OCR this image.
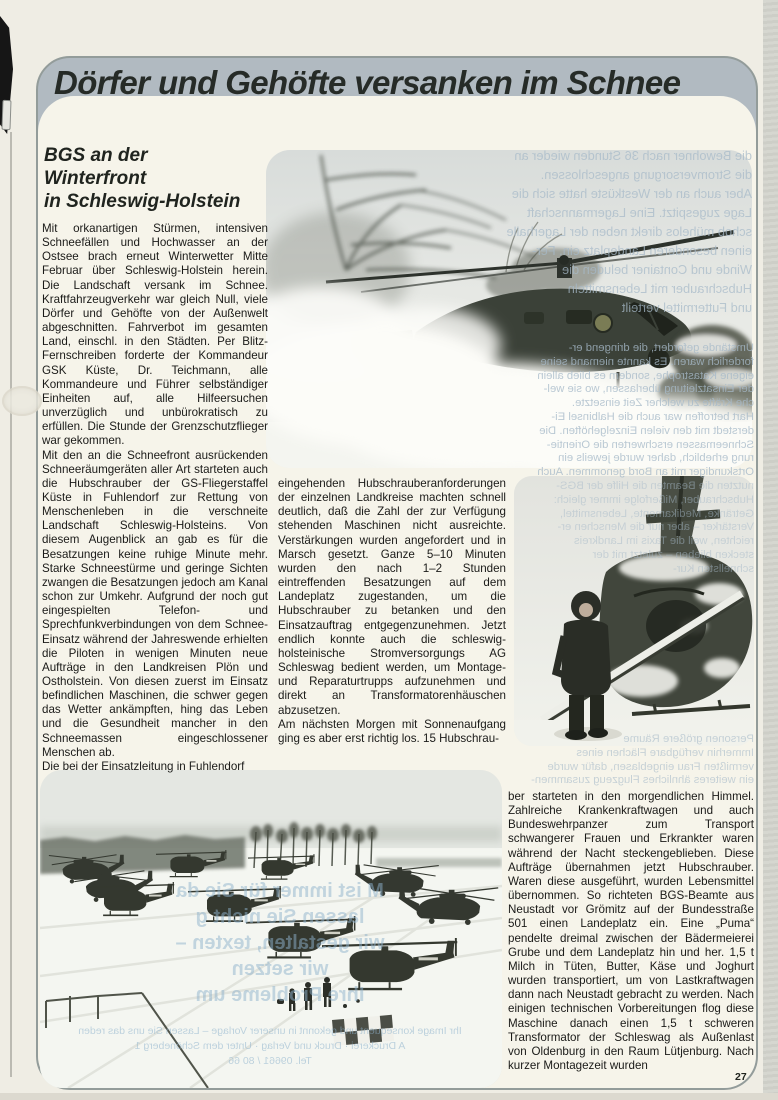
Dörfer und Gehöfte versanken im Schnee
BGS an der
Winterfront
in Schleswig-Holstein

Mit orkanartigen Stürmen, intensiven Schneefällen und Hochwasser an der Ostsee brach erneut Winterwetter Mitte Februar über Schleswig-Holstein herein. Die Landschaft versank im Schnee. Kraftfahrzeugverkehr war gleich Null, viele Dörfer und Gehöfte von der Außenwelt abgeschnitten. Fahrverbot im gesamten Land, einschl. in den Städten. Per Blitz-Fernschreiben forderte der Kommandeur GSK Küste, Dr. Teichmann, alle Kommandeure und Führer selbständiger Einheiten auf, alle Hilfeersuchen unverzüglich und unbürokratisch zu erfüllen. Die Stunde der Grenzschutzflieger war gekommen.

Mit den an die Schneefront ausrückenden Schneeräumgeräten aller Art starteten auch die Hubschrauber der GS-Fliegerstaffel Küste in Fuhlendorf zur Rettung von Menschenleben in die verschneite Landschaft Schleswig-Holsteins. Von diesem Augenblick an gab es für die Besatzungen keine ruhige Minute mehr. Starke Schneestürme und geringe Sichten zwangen die Besatzungen jedoch am Kanal schon zur Umkehr. Aufgrund der noch gut eingespielten Telefon- und Sprechfunkverbindungen von dem Schnee-Einsatz während der Jahreswende erhielten die Piloten in wenigen Minuten neue Aufträge in den Landkreisen Plön und Ostholstein. Von diesen zuerst im Einsatz befindlichen Maschinen, die schwer gegen das Wetter ankämpften, hing das Leben und die Gesundheit mancher in den Schneemassen eingeschlossener Menschen ab.

Die bei der Einsatzleitung in Fuhlendorf

eingehenden Hubschrauberanforderungen der einzelnen Landkreise machten schnell deutlich, daß die Zahl der zur Verfügung stehenden Maschinen nicht ausreichte. Verstärkungen wurden angefordert und in Marsch gesetzt. Ganze 5–10 Minuten wurden den nach 1–2 Stunden eintreffenden Besatzungen auf dem Landeplatz zugestanden, um die Hubschrauber zu betanken und den Einsatzauftrag entgegenzunehmen. Jetzt endlich konnte auch die schleswig-holsteinische Stromversorgungs AG Schleswag bedient werden, um Montage- und Reparaturtrupps aufzunehmen und direkt an Transformatorenhäuschen abzusetzen.

Am nächsten Morgen mit Sonnenaufgang ging es aber erst richtig los. 15 Hubschrau-

ber starteten in den morgendlichen Himmel. Zahlreiche Krankenkraftwagen und auch Bundeswehrpanzer zum Transport schwangerer Frauen und Erkrankter waren während der Nacht steckengeblieben. Diese Aufträge übernahmen jetzt Hubschrauber. Waren diese ausgeführt, wurden Lebensmittel übernommen. So richteten BGS-Beamte aus Neustadt vor Grömitz auf der Bundesstraße 501 einen Landeplatz ein. Eine „Puma“ pendelte dreimal zwischen der Bädermeierei Grube und dem Landeplatz hin und her. 1,5 t Milch in Tüten, Butter, Käse und Joghurt wurden transportiert, um von Lastkraftwagen dann nach Neustadt gebracht zu werden. Nach einigen technischen Vorbereitungen flog diese Maschine danach einen 1,5 t schweren Transformator der Schleswag als Außenlast von Oldenburg in den Raum Lütjenburg. Nach kurzer Montagezeit wurden

27
die Bewohner nach 36 Stunden wieder an
die Stromversorgung angeschlossen.
Aber auch an der Westküste hatte sich die
Lage zugespitzt. Eine Lagermannschaft
schob mühelos direkt neben der Lagerhalle
einen besonderen Landeplatz ein. Fer-
Winde und Container beluden die
Hubschrauber mit Lebensmitteln
und Futtermittel verteilt
Umstände gefordert, die dringend er-
forderlich waren. Es kannte niemand seine
eigene Katastrophe, sondern es blieb allein
der Einsatzleitung überlassen, wo sie wel-
che Kräfte zu welcher Zeit einsetzte.
Hart betroffen war auch die Halbinsel Ei-
derstedt mit den vielen Einzelgehöften. Die
Schneemassen erschwerten die Orientie-
rung erheblich, daher wurde jeweils ein
Ortskundiger mit an Bord genommen. Auch
nutzten die Beamten die Hilfe der BGS-
Hubschrauber, Mißerfolge immer gleich:
Getränke, Medikamente, Lebensmittel,
Verstärker – aber nur die Menschen er-
reichten, weil die Taxis im Landkreis
stecken blieben – zuletzt mit der
schnellsten Kur-
Personen größere Räume
Immerhin verfügbare Flächen eines
vermißten Frau eingeblasen, dafür wurde
ein weiteres ähnliches Flugzeug zusammen-
M ist immer für Sie da
lassen Sie nicht g
wir gestalten, texten –
wir setzen
Ihre Probleme um
Ihr Image konsequent und gekonnt in unserer Vorlage – Lassen Sie uns das reden
A Druckerei · Druck und Verlag · Unter dem Schöneberg 1
Tel. 09661 / 80 66
